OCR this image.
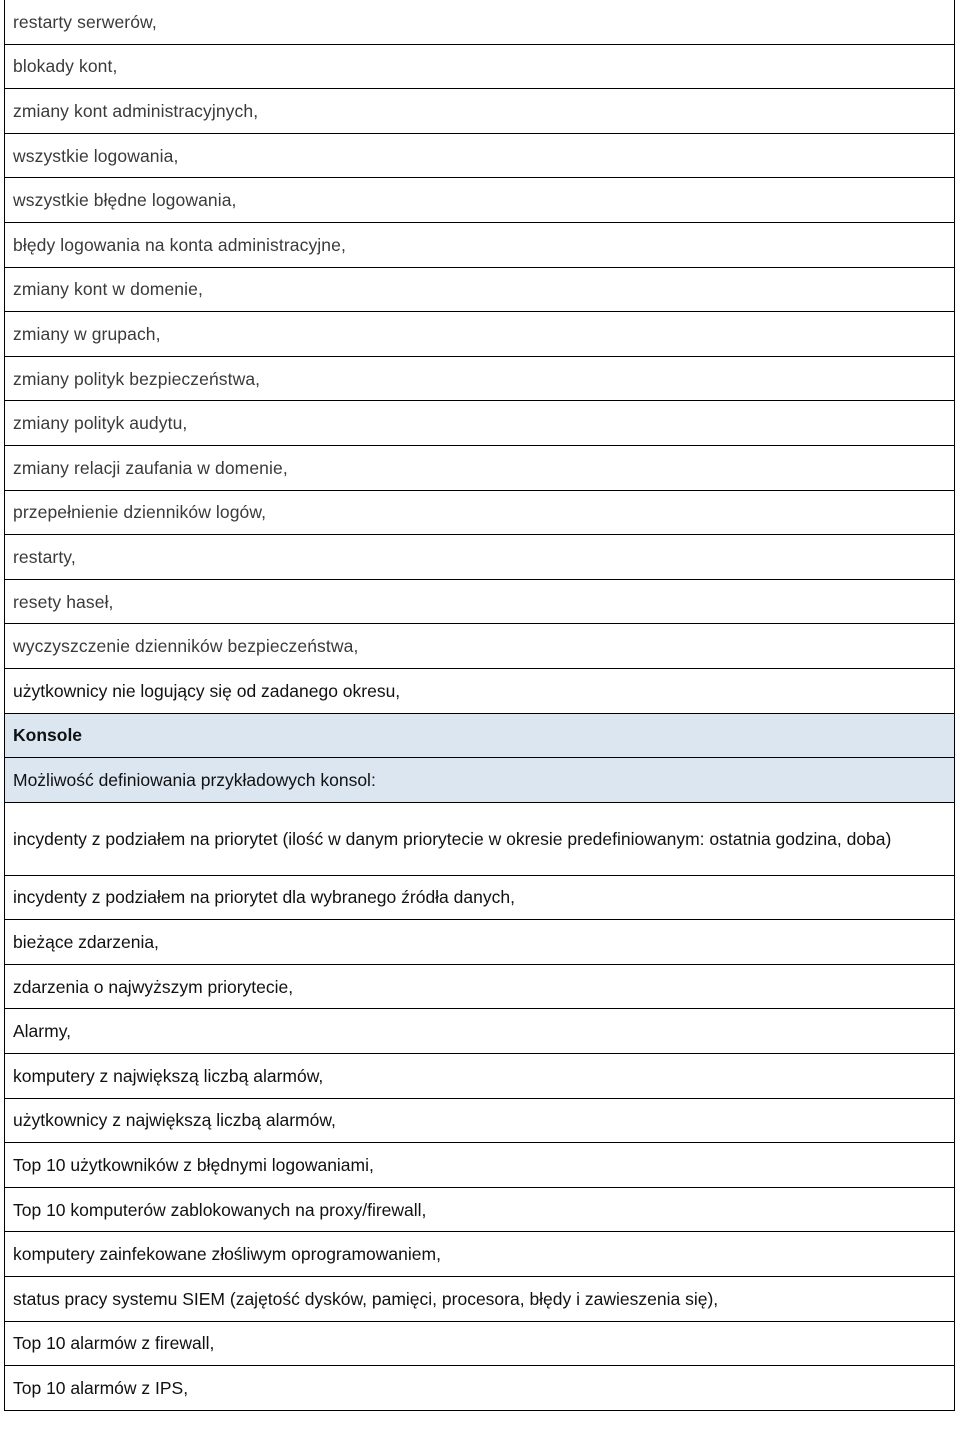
restarty serwerów,
blokady kont,
zmiany kont administracyjnych,
wszystkie logowania,
wszystkie błędne logowania,
błędy logowania na konta administracyjne,
zmiany kont w domenie,
zmiany w grupach,
zmiany polityk bezpieczeństwa,
zmiany polityk audytu,
zmiany relacji zaufania w domenie,
przepełnienie dzienników logów,
restarty,
resety haseł,
wyczyszczenie dzienników bezpieczeństwa,
użytkownicy nie logujący się od zadanego okresu,
Konsole
Możliwość definiowania przykładowych konsol:
incydenty z podziałem na priorytet (ilość w danym priorytecie w okresie predefiniowanym: ostatnia godzina, doba)
incydenty z podziałem na priorytet dla wybranego źródła danych,
bieżące zdarzenia,
zdarzenia o najwyższym priorytecie,
Alarmy,
komputery z największą liczbą alarmów,
użytkownicy z największą liczbą alarmów,
Top 10 użytkowników z błędnymi logowaniami,
Top 10 komputerów zablokowanych na proxy/firewall,
komputery zainfekowane złośliwym oprogramowaniem,
status pracy systemu SIEM (zajętość dysków, pamięci, procesora, błędy i zawieszenia się),
Top 10 alarmów z firewall,
Top 10 alarmów z IPS,
